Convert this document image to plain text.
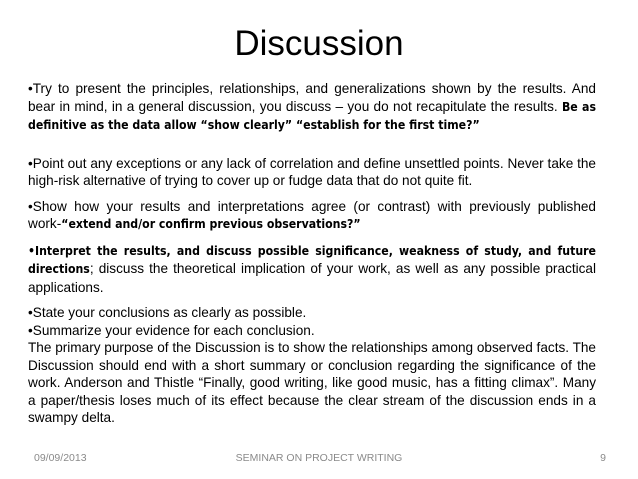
Discussion

•Try to present the principles, relationships, and generalizations shown by the results. And bear in mind, in a general discussion, you discuss – you do not recapitulate the results. Be as definitive as the data allow “show clearly” “establish for the first time?”

•Point out any exceptions or any lack of correlation and define unsettled points. Never take the high-risk alternative of trying to cover up or fudge data that do not quite fit.

•Show how your results and interpretations agree (or contrast) with previously published work-“extend and/or confirm previous observations?”

•Interpret the results, and discuss possible significance, weakness of study, and future directions; discuss the theoretical implication of your work, as well as any possible practical applications.

•State your conclusions as clearly as possible.

•Summarize your evidence for each conclusion.

The primary purpose of the Discussion is to show the relationships among observed facts. The Discussion should end with a short summary or conclusion regarding the significance of the work. Anderson and Thistle “Finally, good writing, like good music, has a fitting climax”. Many a paper/thesis loses much of its effect because the clear stream of the discussion ends in a swampy delta.

09/09/2013	SEMINAR ON PROJECT WRITING	9
